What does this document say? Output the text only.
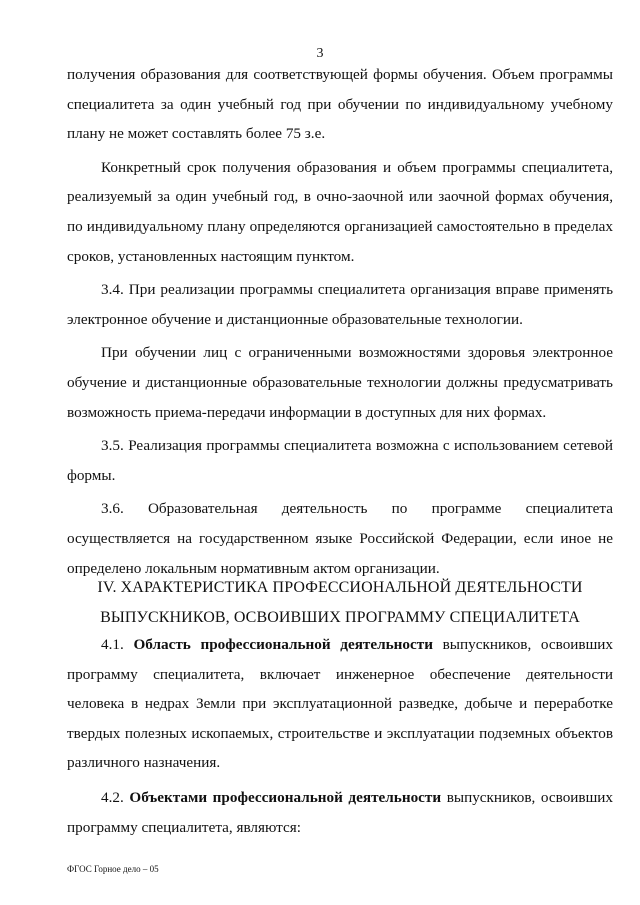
3

получения образования для соответствующей формы обучения. Объем программы специалитета за один учебный год при обучении по индивидуальному учебному плану не может составлять более 75 з.е.

Конкретный срок получения образования и объем программы специалитета, реализуемый за один учебный год, в очно-заочной или заочной формах обучения, по индивидуальному плану определяются организацией самостоятельно в пределах сроков, установленных настоящим пунктом.

3.4. При реализации программы специалитета организация вправе применять электронное обучение и дистанционные образовательные технологии.

При обучении лиц с ограниченными возможностями здоровья электронное обучение и дистанционные образовательные технологии должны предусматривать возможность приема-передачи информации в доступных для них формах.

3.5. Реализация программы специалитета возможна с использованием сетевой формы.

3.6. Образовательная деятельность по программе специалитета осуществляется на государственном языке Российской Федерации, если иное не определено локальным нормативным актом организации.

IV. ХАРАКТЕРИСТИКА ПРОФЕССИОНАЛЬНОЙ ДЕЯТЕЛЬНОСТИ
ВЫПУСКНИКОВ, ОСВОИВШИХ ПРОГРАММУ СПЕЦИАЛИТЕТА

4.1. Область профессиональной деятельности выпускников, освоивших программу специалитета, включает инженерное обеспечение деятельности человека в недрах Земли при эксплуатационной разведке, добыче и переработке твердых полезных ископаемых, строительстве и эксплуатации подземных объектов различного назначения.

4.2. Объектами профессиональной деятельности выпускников, освоивших программу специалитета, являются:

ФГОС Горное дело – 05
